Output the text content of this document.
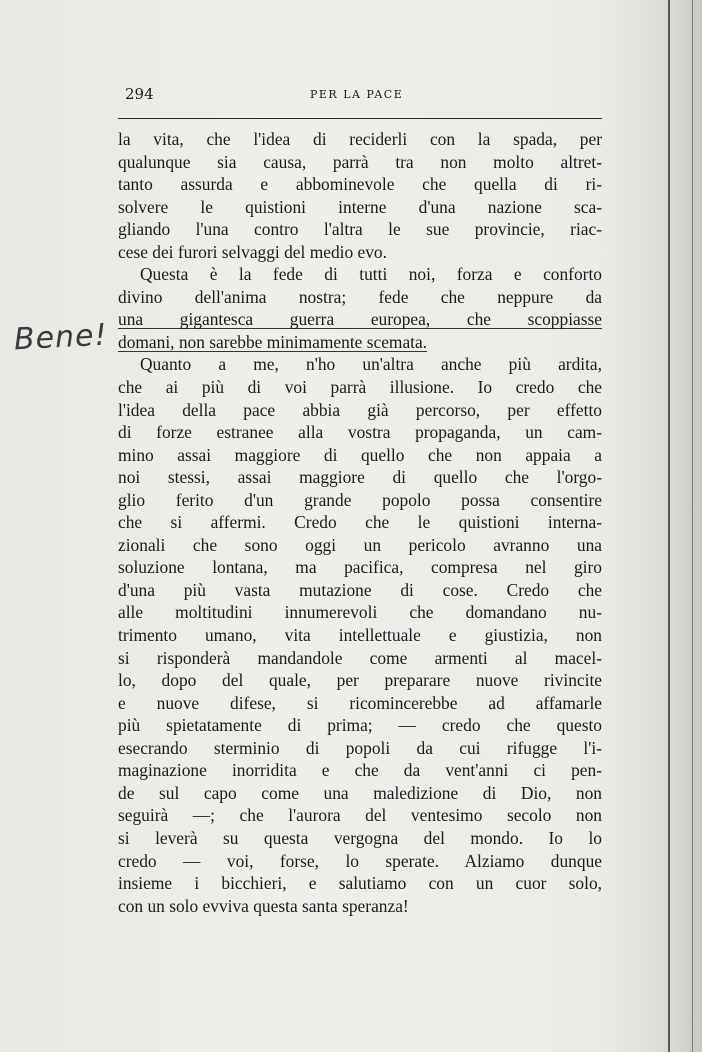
294	PER LA PACE
Bene!
la vita, che l'idea di reciderli con la spada, per
qualunque sia causa, parrà tra non molto altret-
tanto assurda e abbominevole che quella di ri-
solvere le quistioni interne d'una nazione sca-
gliando l'una contro l'altra le sue provincie, riac-
cese dei furori selvaggi del medio evo.
Questa è la fede di tutti noi, forza e conforto
divino dell'anima nostra; fede che neppure da
una gigantesca guerra europea, che scoppiasse
domani, non sarebbe minimamente scemata.
Quanto a me, n'ho un'altra anche più ardita,
che ai più di voi parrà illusione. Io credo che
l'idea della pace abbia già percorso, per effetto
di forze estranee alla vostra propaganda, un cam-
mino assai maggiore di quello che non appaia a
noi stessi, assai maggiore di quello che l'orgo-
glio ferito d'un grande popolo possa consentire
che si affermi. Credo che le quistioni interna-
zionali che sono oggi un pericolo avranno una
soluzione lontana, ma pacifica, compresa nel giro
d'una più vasta mutazione di cose. Credo che
alle moltitudini innumerevoli che domandano nu-
trimento umano, vita intellettuale e giustizia, non
si risponderà mandandole come armenti al macel-
lo, dopo del quale, per preparare nuove rivincite
e nuove difese, si ricomincerebbe ad affamarle
più spietatamente di prima; — credo che questo
esecrando sterminio di popoli da cui rifugge l'i-
maginazione inorridita e che da vent'anni ci pen-
de sul capo come una maledizione di Dio, non
seguirà —; che l'aurora del ventesimo secolo non
si leverà su questa vergogna del mondo. Io lo
credo — voi, forse, lo sperate. Alziamo dunque
insieme i bicchieri, e salutiamo con un cuor solo,
con un solo evviva questa santa speranza!
